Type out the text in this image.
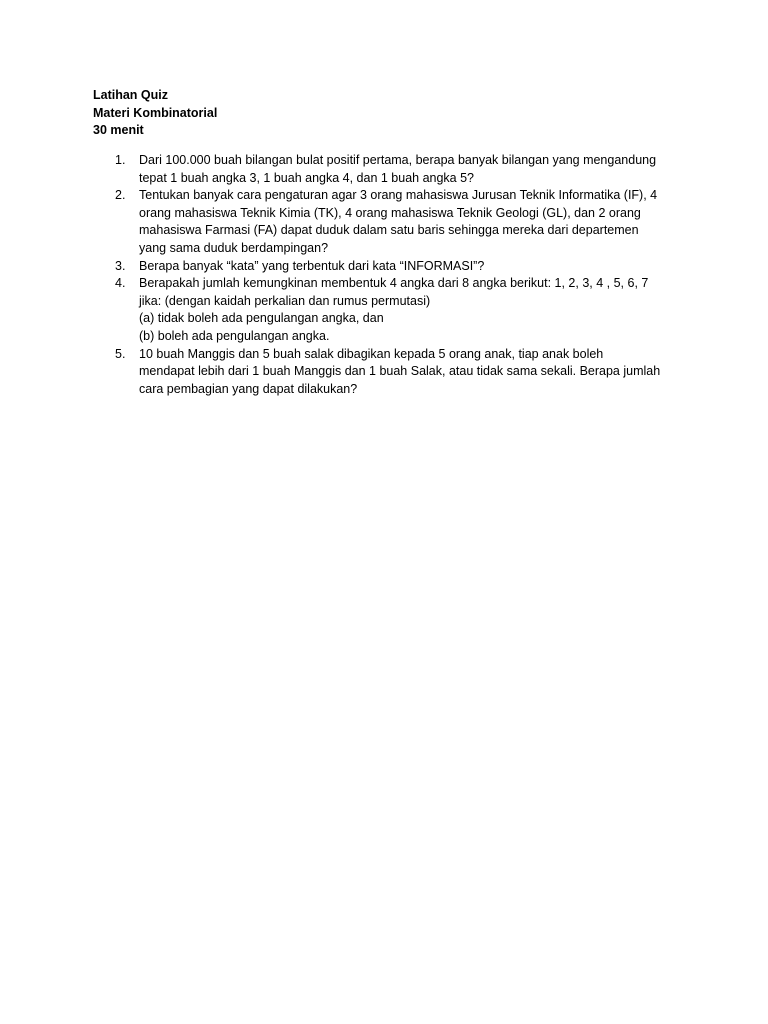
Latihan Quiz
Materi Kombinatorial
30 menit
1. Dari 100.000 buah bilangan bulat positif pertama, berapa banyak bilangan yang mengandung
tepat 1 buah angka 3, 1 buah angka 4, dan 1 buah angka 5?
2. Tentukan banyak cara pengaturan agar 3 orang mahasiswa Jurusan Teknik Informatika (IF), 4
orang mahasiswa Teknik Kimia (TK), 4 orang mahasiswa Teknik Geologi (GL), dan 2 orang
mahasiswa Farmasi (FA) dapat duduk dalam satu baris sehingga mereka dari departemen
yang sama duduk berdampingan?
3. Berapa banyak “kata” yang terbentuk dari kata “INFORMASI”?
4. Berapakah jumlah kemungkinan membentuk 4 angka dari 8 angka berikut: 1, 2, 3, 4 , 5, 6, 7
jika: (dengan kaidah perkalian dan rumus permutasi)
(a) tidak boleh ada pengulangan angka, dan
(b) boleh ada pengulangan angka.
5. 10 buah Manggis dan 5 buah salak dibagikan kepada 5 orang anak, tiap anak boleh
mendapat lebih dari 1 buah Manggis dan 1 buah Salak, atau tidak sama sekali. Berapa jumlah
cara pembagian yang dapat dilakukan?
